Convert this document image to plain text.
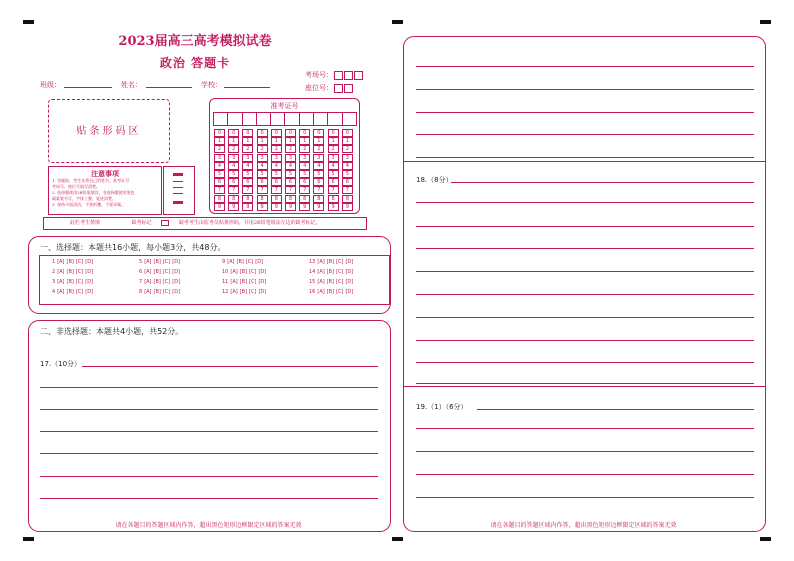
2023届高三高考模拟试卷
政治 答题卡
班级：	姓名：	学校：
考场号：
座位号：
贴条形码区
准考证号
0	0	0	0	0	0	0	0	0	0
1	1	1	1	1	1	1	1	1	1
2	2	2	2	2	2	2	2	2	2
3	3	3	3	3	3	3	3	3	3
4	4	4	4	4	4	4	4	4	4
5	5	5	5	5	5	5	5	5	5
6	6	6	6	6	6	6	6	6	6
7	7	7	7	7	7	7	7	7	7
8	8	8	8	8	8	8	8	8	8
9	9	9	9	9	9	9	9	9	9
注意事项
1. 答题前，考生先将自己的姓名、准考证号
考场号、座位号填写清楚。
2. 选择题使用2B铅笔填涂，非选择题使用黑色
碳素笔书写，字体工整、笔迹清楚。
3. 保持卡面清洁，不要折叠，不要弄破。
此栏考生禁填	缺考标记	缺考考生由监考员贴条形码，并用2B铅笔填涂左边的缺考标记。
一、选择题：本题共16小题，每小题3分，共48分。
1 [A] [B] [C] [D]
2 [A] [B] [C] [D]
3 [A] [B] [C] [D]
4 [A] [B] [C] [D]
5 [A] [B] [C] [D]
6 [A] [B] [C] [D]
7 [A] [B] [C] [D]
8 [A] [B] [C] [D]
9 [A] [B] [C] [D]
10 [A] [B] [C] [D]
11 [A] [B] [C] [D]
12 [A] [B] [C] [D]
13 [A] [B] [C] [D]
14 [A] [B] [C] [D]
15 [A] [B] [C] [D]
16 [A] [B] [C] [D]
二、非选择题：本题共4小题，共52分。
17.（10分）
请在各题目的答题区域内作答，超出黑色矩形边框限定区域的答案无效
18.（8分）
19.（1）（6分）
请在各题目的答题区域内作答，超出黑色矩形边框限定区域的答案无效
